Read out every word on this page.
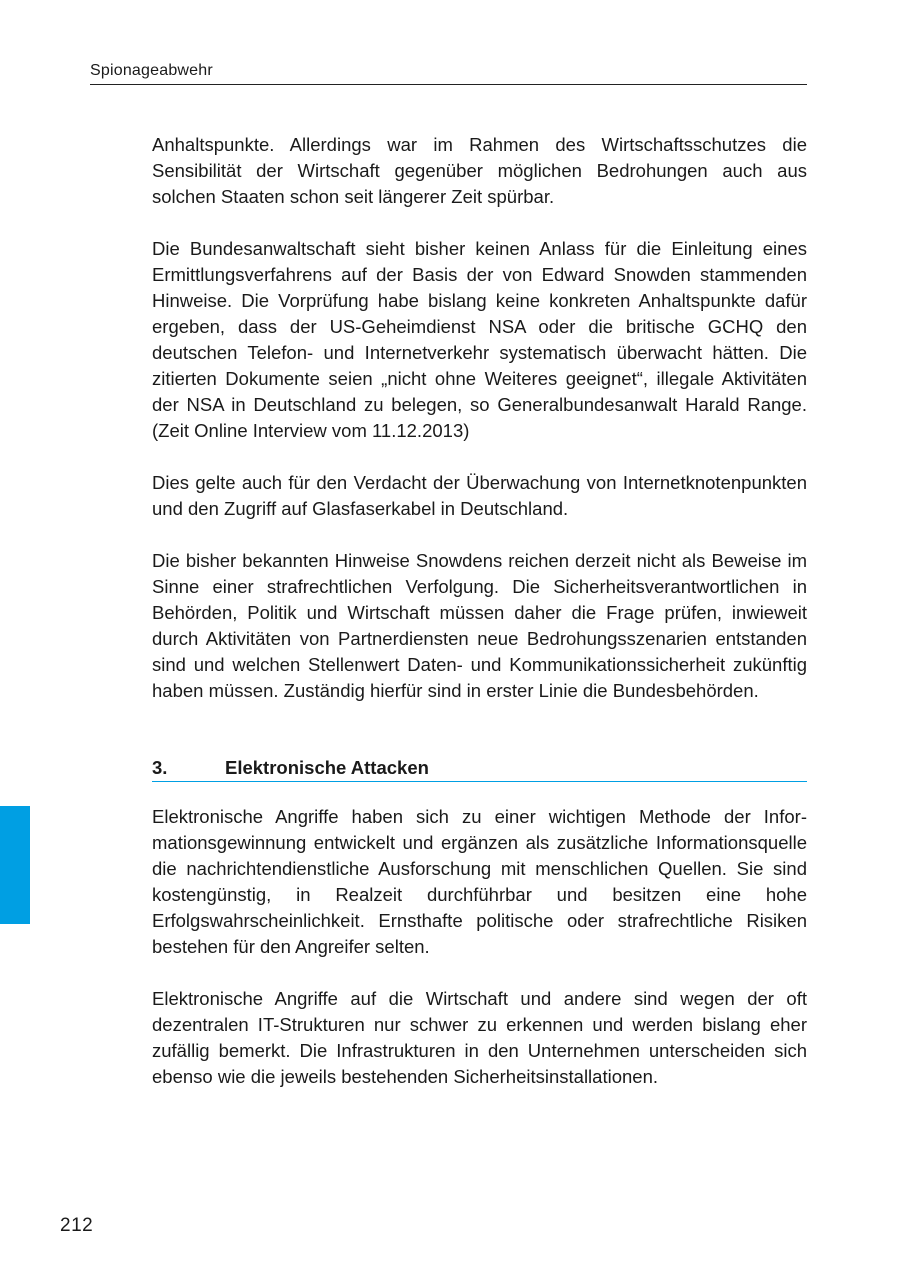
Spionageabwehr

Anhaltspunkte. Allerdings war im Rahmen des Wirtschaftsschutzes die Sensibilität der Wirtschaft gegenüber möglichen Bedrohungen auch aus solchen Staaten schon seit längerer Zeit spürbar.

Die Bundesanwaltschaft sieht bisher keinen Anlass für die Einleitung eines Ermittlungsverfahrens auf der Basis der von Edward Snowden stammenden Hinweise. Die Vorprüfung habe bislang keine konkreten Anhaltspunkte dafür ergeben, dass der US-Geheimdienst NSA oder die britische GCHQ den deutschen Telefon- und Internetverkehr systematisch überwacht hätten. Die zitierten Dokumente seien „nicht ohne Weiteres geeignet“, illegale Aktivitäten der NSA in Deutschland zu belegen, so Generalbundesanwalt Harald Range. (Zeit Online Interview vom 11.12.2013)

Dies gelte auch für den Verdacht der Überwachung von Internetknotenpunkten und den Zugriff auf Glasfaserkabel in Deutschland.

Die bisher bekannten Hinweise Snowdens reichen derzeit nicht als Beweise im Sinne einer strafrechtlichen Verfolgung. Die Sicherheitsverantwortlichen in Behörden, Politik und Wirtschaft müssen daher die Frage prüfen, inwieweit durch Aktivitäten von Partnerdiensten neue Bedrohungsszenarien entstanden sind und welchen Stellenwert Daten- und Kommunikationssicherheit zukünftig haben müssen. Zuständig hierfür sind in erster Linie die Bundesbehörden.

3.	Elektronische Attacken

Elektronische Angriffe haben sich zu einer wichtigen Methode der Informationsgewinnung entwickelt und ergänzen als zusätzliche Informationsquelle die nachrichtendienstliche Ausforschung mit menschlichen Quellen. Sie sind kostengünstig, in Realzeit durchführbar und besitzen eine hohe Erfolgswahrscheinlichkeit. Ernsthafte politische oder strafrechtliche Risiken bestehen für den Angreifer selten.

Elektronische Angriffe auf die Wirtschaft und andere sind wegen der oft dezentralen IT-Strukturen nur schwer zu erkennen und werden bislang eher zufällig bemerkt. Die Infrastrukturen in den Unternehmen unterscheiden sich ebenso wie die jeweils bestehenden Sicherheitsinstallationen.

212
